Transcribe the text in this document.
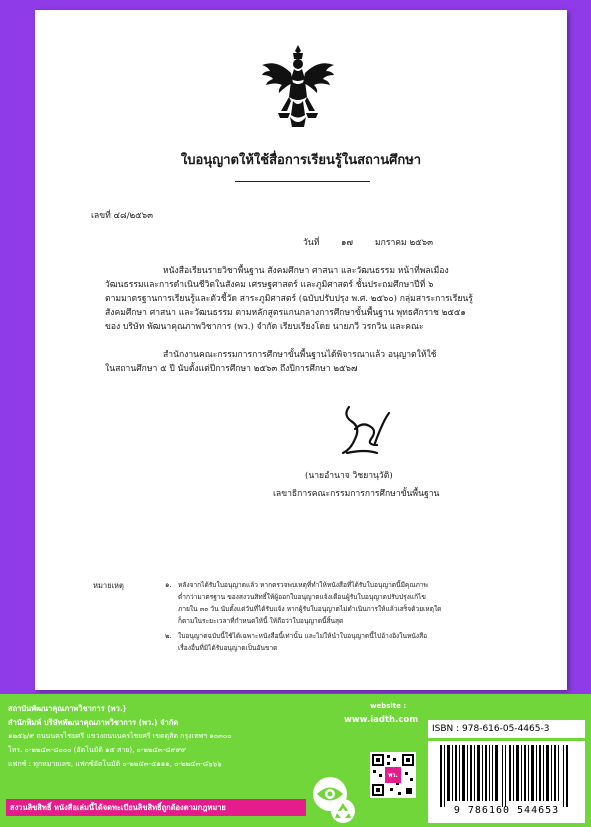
ใบอนุญาตให้ใช้สื่อการเรียนรู้ในสถานศึกษา
เลขที่ ๔๘/๒๕๖๓
วันที่	๑๗	มกราคม ๒๕๖๓
หนังสือเรียนรายวิชาพื้นฐาน สังคมศึกษา ศาสนา และวัฒนธรรม หน้าที่พลเมือง
วัฒนธรรมและการดำเนินชีวิตในสังคม เศรษฐศาสตร์ และภูมิศาสตร์ ชั้นประถมศึกษาปีที่ ๖
ตามมาตรฐานการเรียนรู้และตัวชี้วัด สาระภูมิศาสตร์ (ฉบับปรับปรุง พ.ศ. ๒๕๖๐) กลุ่มสาระการเรียนรู้
สังคมศึกษา ศาสนา และวัฒนธรรม ตามหลักสูตรแกนกลางการศึกษาขั้นพื้นฐาน พุทธศักราช ๒๕๕๑
ของ บริษัท พัฒนาคุณภาพวิชาการ (พว.) จำกัด เรียบเรียงโดย นายภวี วรกวิน และคณะ
สำนักงานคณะกรรมการการศึกษาขั้นพื้นฐานได้พิจารณาแล้ว อนุญาตให้ใช้
ในสถานศึกษา ๕ ปี นับตั้งแต่ปีการศึกษา ๒๕๖๓ ถึงปีการศึกษา ๒๕๖๗
(นายอำนาจ วิชยานุวัติ)
เลขาธิการคณะกรรมการการศึกษาขั้นพื้นฐาน
หมายเหตุ	๑. หลังจากได้รับใบอนุญาตแล้ว หากตรวจพบเหตุที่ทำให้หนังสือที่ได้รับใบอนุญาตนี้มีคุณภาพ
ต่ำกว่ามาตรฐาน ของสงวนสิทธิ์ให้ผู้ออกใบอนุญาตแจ้งเตือนผู้รับใบอนุญาตปรับปรุงแก้ไข
ภายใน ๓๐ วัน นับตั้งแต่วันที่ได้รับแจ้ง หากผู้รับใบอนุญาตไม่ดำเนินการให้แล้วเสร็จด้วยเหตุใด
ก็ตามในระยะเวลาที่กำหนดให้นี้ ให้ถือว่าใบอนุญาตนี้สิ้นสุด
๒. ใบอนุญาตฉบับนี้ใช้ได้เฉพาะหนังสือนี้เท่านั้น และไม่ให้นำใบอนุญาตนี้ไปอ้างอิงในหนังสือ
เรื่องอื่นที่มิได้รับอนุญาตเป็นอันขาด
สถาบันพัฒนาคุณภาพวิชาการ (พว.)
สำนักพิมพ์ บริษัทพัฒนาคุณภาพวิชาการ (พว.) จำกัด
๑๒๕๖/๙ ถนนนครไชยศรี แขวงถนนนครไชยศรี เขตดุสิต กรุงเทพฯ ๑๐๓๐๐
โทร. ๐-๒๒๔๓-๘๐๐๐ (อัตโนมัติ ๑๕ สาย), ๐-๒๒๔๓-๘๙๙๙
แฟกซ์ : ทุกหมายเลข, แฟกซ์อัตโนมัติ ๐-๒๒๔๓-๕๑๑๑, ๐-๒๒๔๓-๘๖๖๖
สงวนลิขสิทธิ์ หนังสือเล่มนี้ได้จดทะเบียนลิขสิทธิ์ถูกต้องตามกฎหมาย
website :
www.iadth.com
พว.
ISBN : 978-616-05-4465-3
9 786160 544653
